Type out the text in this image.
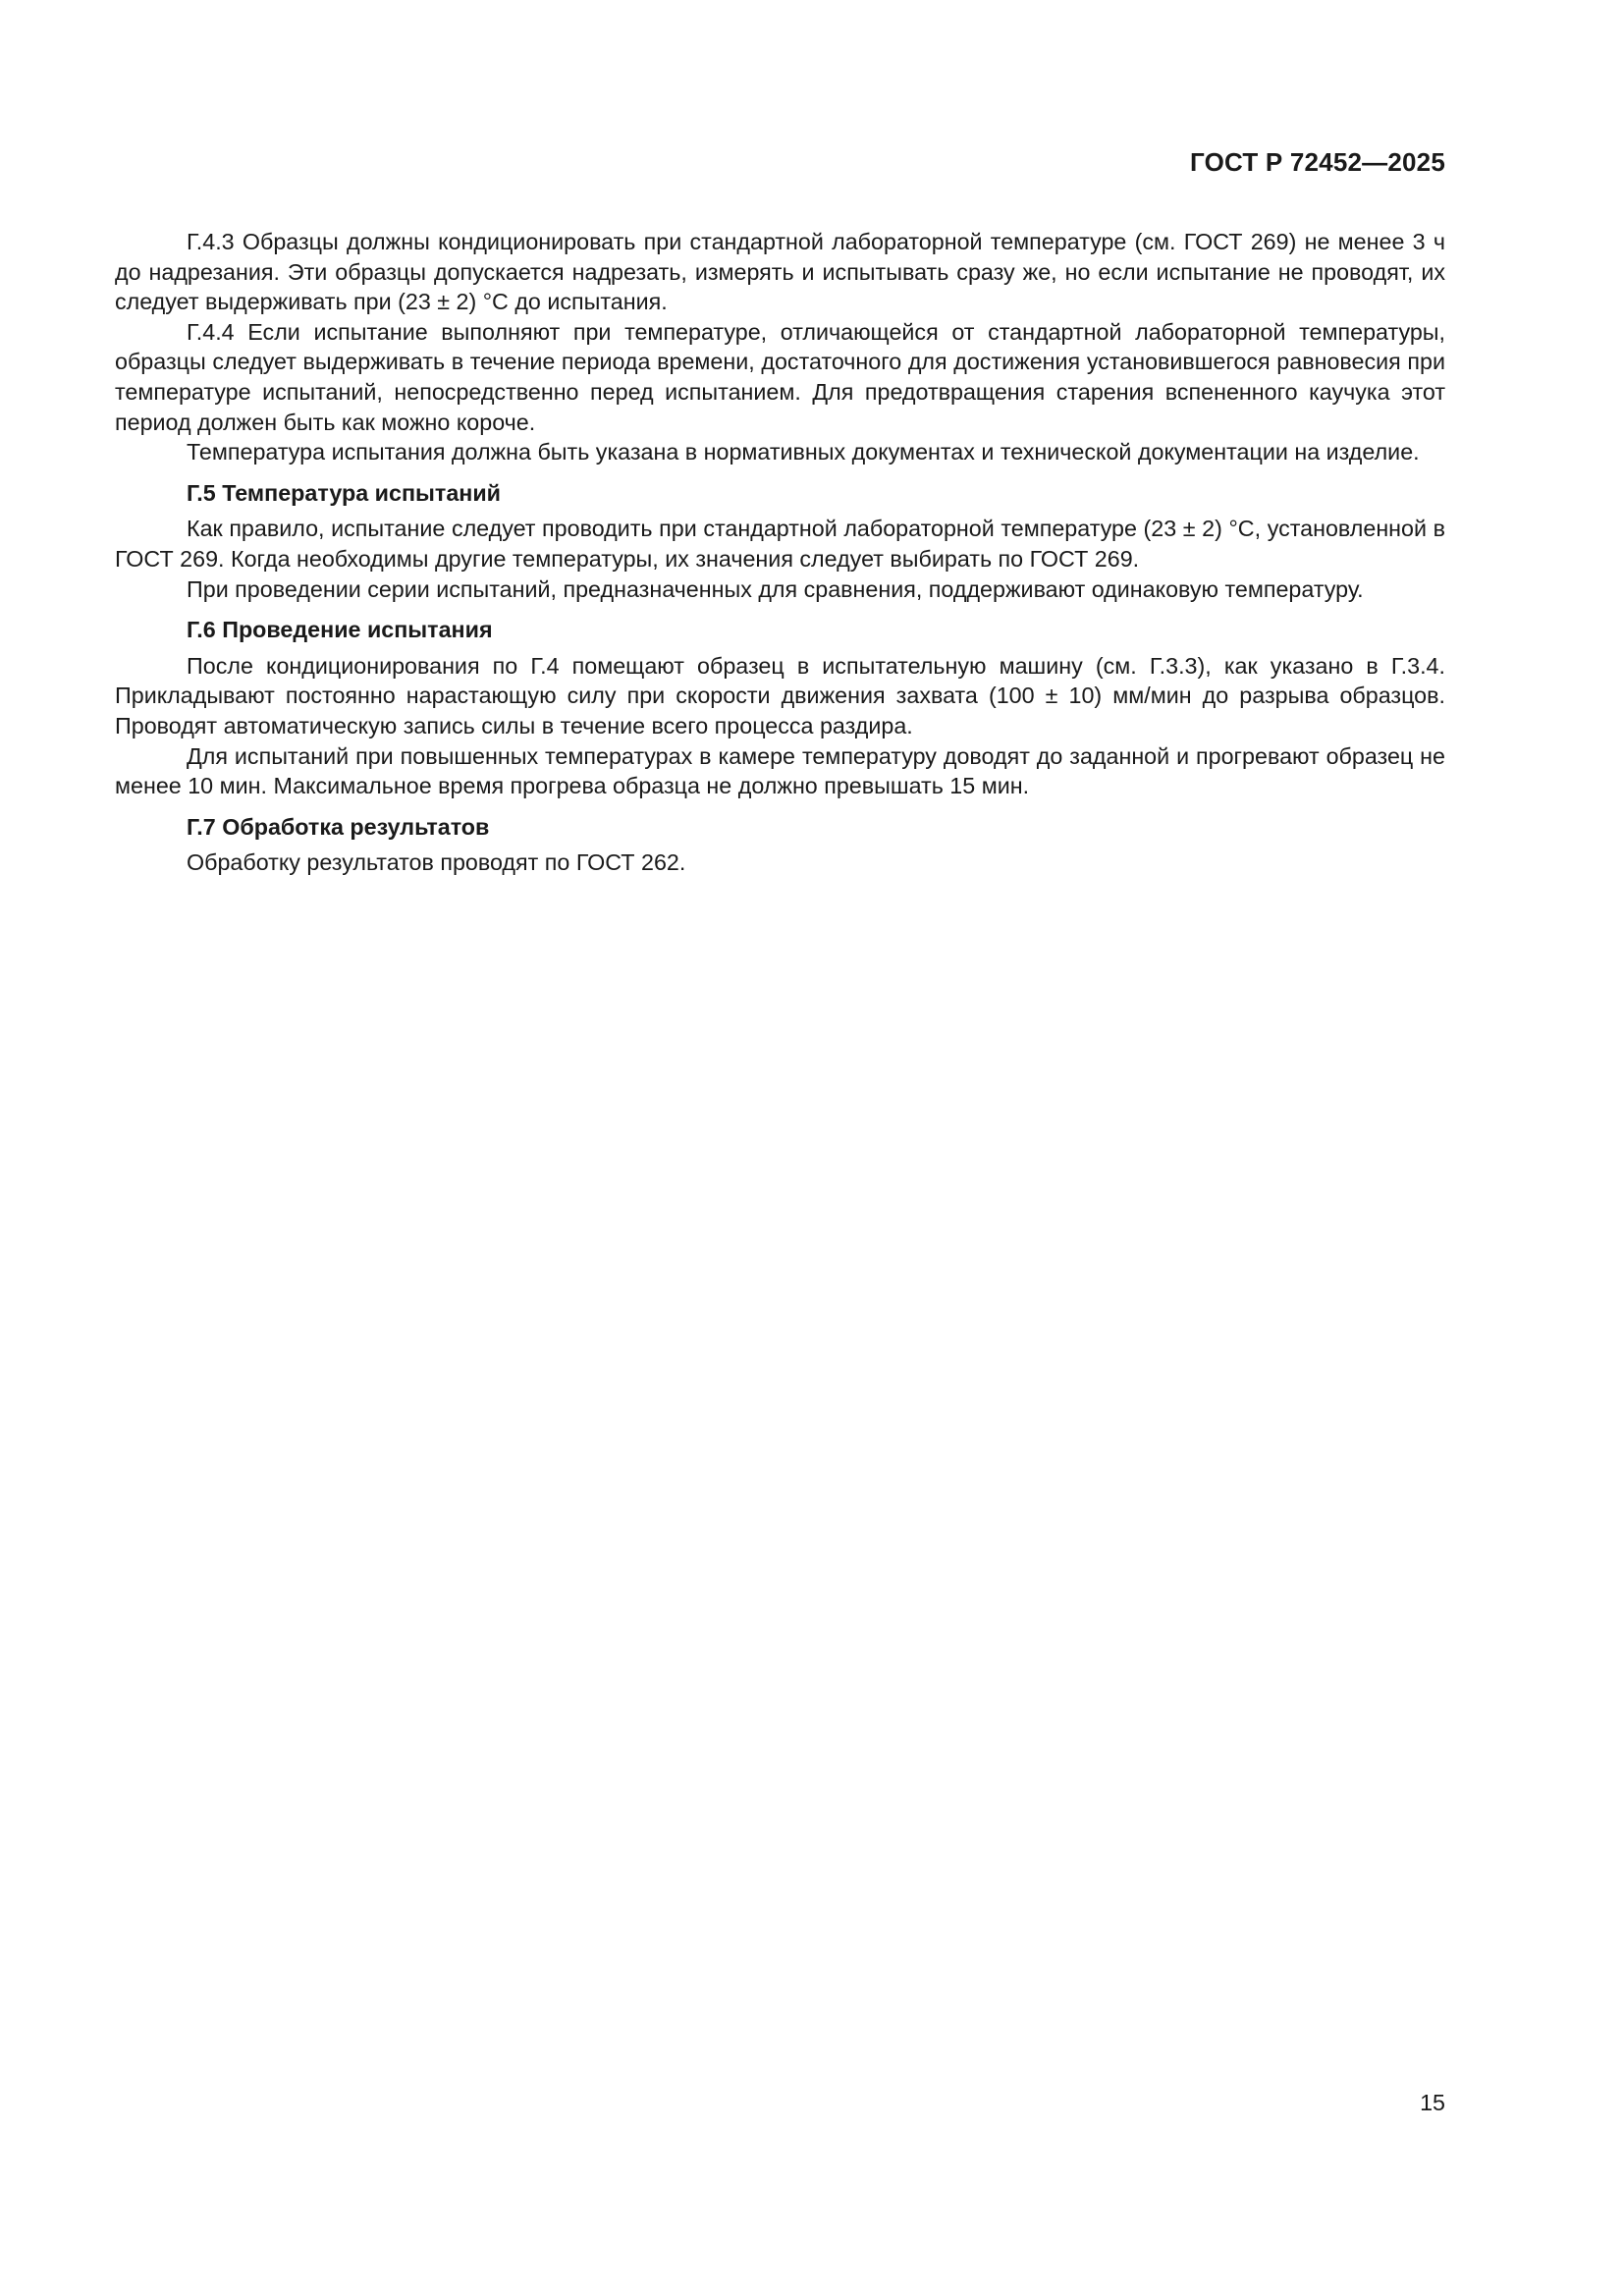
ГОСТ Р 72452—2025

Г.4.3 Образцы должны кондиционировать при стандартной лабораторной температуре (см. ГОСТ 269) не менее 3 ч до надрезания. Эти образцы допускается надрезать, измерять и испытывать сразу же, но если испытание не проводят, их следует выдерживать при (23 ± 2) °С до испытания.

Г.4.4 Если испытание выполняют при температуре, отличающейся от стандартной лабораторной температуры, образцы следует выдерживать в течение периода времени, достаточного для достижения установившегося равновесия при температуре испытаний, непосредственно перед испытанием. Для предотвращения старения вспененного каучука этот период должен быть как можно короче.

Температура испытания должна быть указана в нормативных документах и технической документации на изделие.

Г.5 Температура испытаний

Как правило, испытание следует проводить при стандартной лабораторной температуре (23 ± 2) °С, установленной в ГОСТ 269. Когда необходимы другие температуры, их значения следует выбирать по ГОСТ 269.

При проведении серии испытаний, предназначенных для сравнения, поддерживают одинаковую температуру.

Г.6 Проведение испытания

После кондиционирования по Г.4 помещают образец в испытательную машину (см. Г.3.3), как указано в Г.3.4. Прикладывают постоянно нарастающую силу при скорости движения захвата (100 ± 10) мм/мин до разрыва образцов. Проводят автоматическую запись силы в течение всего процесса раздира.

Для испытаний при повышенных температурах в камере температуру доводят до заданной и прогревают образец не менее 10 мин. Максимальное время прогрева образца не должно превышать 15 мин.

Г.7 Обработка результатов

Обработку результатов проводят по ГОСТ 262.

15
